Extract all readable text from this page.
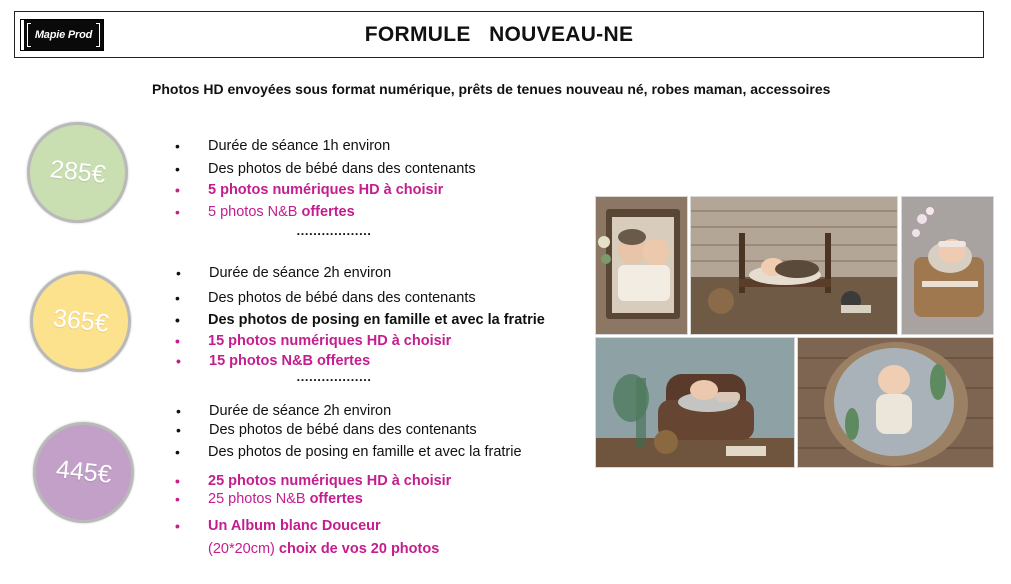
Mapie Prod	FORMULE   NOUVEAU-NE
Photos HD envoyées sous format numérique, prêts de tenues nouveau né, robes maman, accessoires
285€
365€
445€
• Durée de séance 1h environ
• Des photos de bébé dans des contenants
• 5 photos numériques HD à choisir
• 5 photos N&B offertes
………………
• Durée de séance 2h environ
• Des photos de bébé dans des contenants
• Des photos de posing en famille et avec la fratrie
• 15 photos numériques HD à choisir
• 15 photos N&B offertes
………………
• Durée de séance 2h environ
• Des photos de bébé dans des contenants
• Des photos de posing en famille et avec la fratrie
• 25 photos numériques HD à choisir
• 25 photos N&B offertes
• Un Album blanc Douceur
(20*20cm) choix de vos 20 photos
